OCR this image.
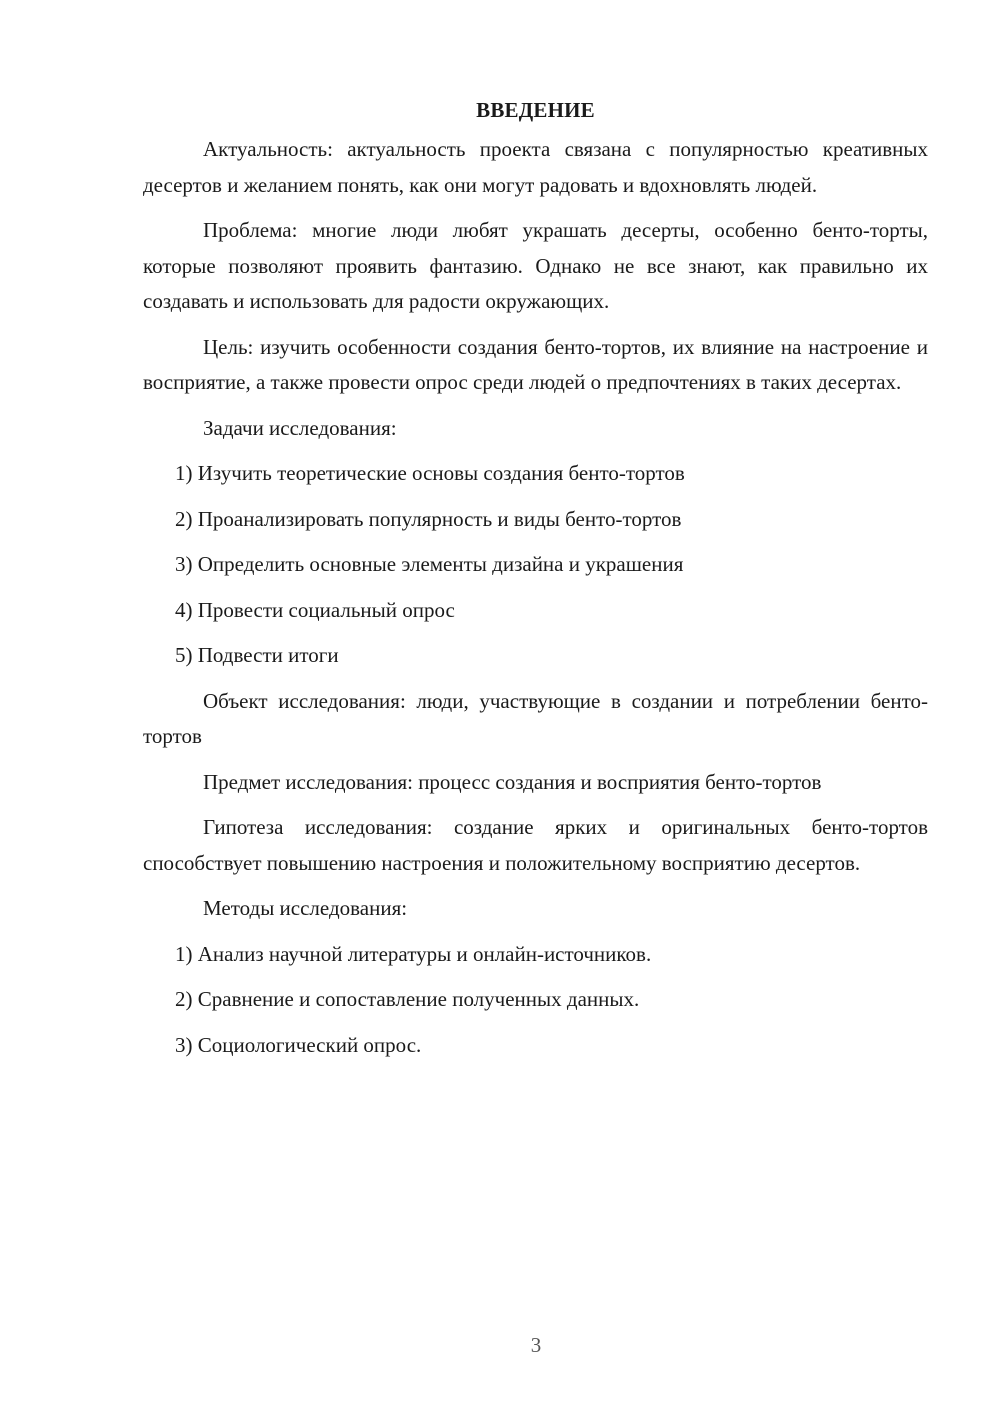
ВВЕДЕНИЕ

Актуальность: актуальность проекта связана с популярностью креативных десертов и желанием понять, как они могут радовать и вдохновлять людей.

Проблема: многие люди любят украшать десерты, особенно бенто-торты, которые позволяют проявить фантазию. Однако не все знают, как правильно их создавать и использовать для радости окружающих.

Цель: изучить особенности создания бенто-тортов, их влияние на настроение и восприятие, а также провести опрос среди людей о предпочтениях в таких десертах.

Задачи исследования:

1) Изучить теоретические основы создания бенто-тортов
2) Проанализировать популярность и виды бенто-тортов
3) Определить основные элементы дизайна и украшения
4) Провести социальный опрос
5) Подвести итоги

Объект исследования: люди, участвующие в создании и потреблении бенто-тортов

Предмет исследования: процесс создания и восприятия бенто-тортов

Гипотеза исследования: создание ярких и оригинальных бенто-тортов способствует повышению настроения и положительному восприятию десертов.

Методы исследования:

1) Анализ научной литературы и онлайн-источников.
2) Сравнение и сопоставление полученных данных.
3) Социологический опрос.
3
